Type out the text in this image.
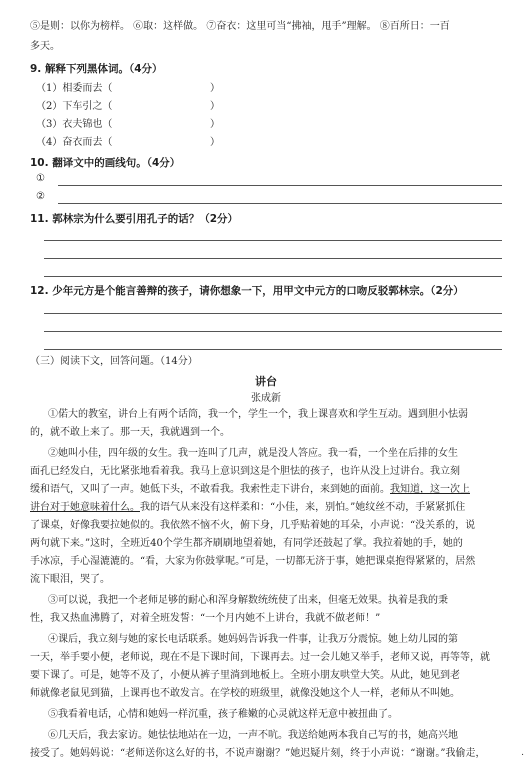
⑤是则：以你为榜样。 ⑥取：这样做。 ⑦奋衣：这里可当“拂袖，甩手”理解。 ⑧百所日：一百
多天。
9. 解释下列黑体词。（4分）
（1）相委而去（	）
（2）下车引之（	）
（3）衣夫锦也（	）
（4）奋衣而去（	）
10. 翻译文中的画线句。（4分）
①
②
11. 郭林宗为什么要引用孔子的话？（2分）
12. 少年元方是个能言善辩的孩子，请你想象一下，用甲文中元方的口吻反驳郭林宗。（2分）
（三）阅读下文，回答问题。（14分）
讲台
张成新
①偌大的教室，讲台上有两个话筒，我一个，学生一个，我上课喜欢和学生互动。遇到胆小怯弱
的，就不敢上来了。那一天，我就遇到一个。
②她叫小佳，四年级的女生。我一连叫了几声，就是没人答应。我一看，一个坐在后排的女生
面孔已经发白，无比紧张地看着我。我马上意识到这是个胆怯的孩子，也许从没上过讲台。我立刻
缓和语气，又叫了一声。她低下头，不敢看我。我索性走下讲台，来到她的面前。我知道，这一次上
讲台对于她意味着什么。我的语气从来没有这样柔和：“小佳，来，别怕。”她纹丝不动，手紧紧抓住
了课桌，好像我要拉她似的。我依然不恼不火，俯下身，几乎贴着她的耳朵，小声说：“没关系的，说
两句就下来。”这时，全班近40个学生都齐刷刷地望着她，有同学还鼓起了掌。我拉着她的手，她的
手冰凉，手心湿漉漉的。“看，大家为你鼓掌呢。”可是，一切都无济于事，她把课桌抱得紧紧的，居然
流下眼泪，哭了。
③可以说，我把一个老师足够的耐心和浑身解数统统使了出来，但毫无效果。执着是我的秉
性，我又热血沸腾了，对着全班发誓：“一个月内她不上讲台，我就不做老师！”
④课后，我立刻与她的家长电话联系。她妈妈告诉我一件事，让我万分震惊。她上幼儿园的第
一天，举手要小便，老师说，现在不是下课时间，下课再去。过一会儿她又举手，老师又说，再等等，就
要下课了。可是，她等不及了，小便从裤子里淌到地板上。全班小朋友哄堂大笑。从此，她见到老
师就像老鼠见到猫，上课再也不敢发言。在学校的班级里，就像没她这个人一样，老师从不叫她。
⑤我看着电话，心情和她妈一样沉重，孩子稚嫩的心灵就这样无意中被扭曲了。
⑥几天后，我去家访。她怯怯地站在一边，一声不吭。我送给她两本我自己写的书，她高兴地
接受了。她妈妈说：“老师送你这么好的书，不说声谢谢？”她迟疑片刻，终于小声说：“谢谢。”我偷走，	.
